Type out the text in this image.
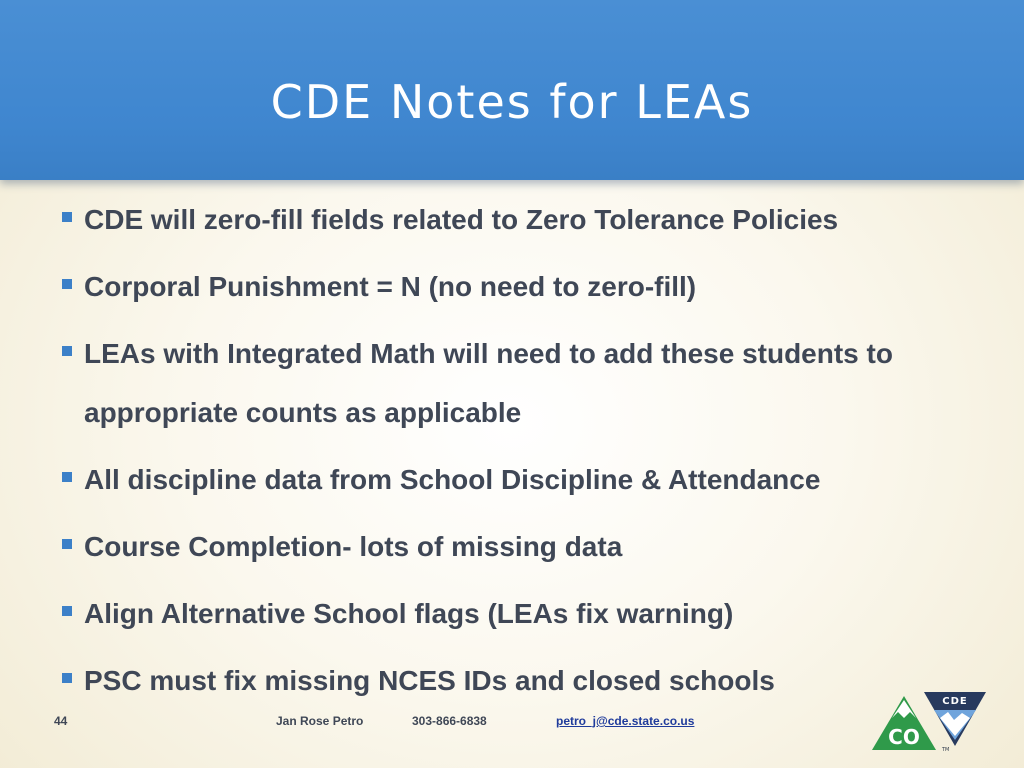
CDE Notes for LEAs
CDE will zero-fill fields related to Zero Tolerance Policies
Corporal Punishment = N (no need to zero-fill)
LEAs with Integrated Math will need to add these students to appropriate counts as applicable
All discipline data from School Discipline & Attendance
Course Completion- lots of missing data
Align Alternative School flags (LEAs fix warning)
PSC must fix missing NCES IDs and closed schools
44	Jan Rose Petro	303-866-6838	petro_j@cde.state.co.us
CO
CDE
TM
